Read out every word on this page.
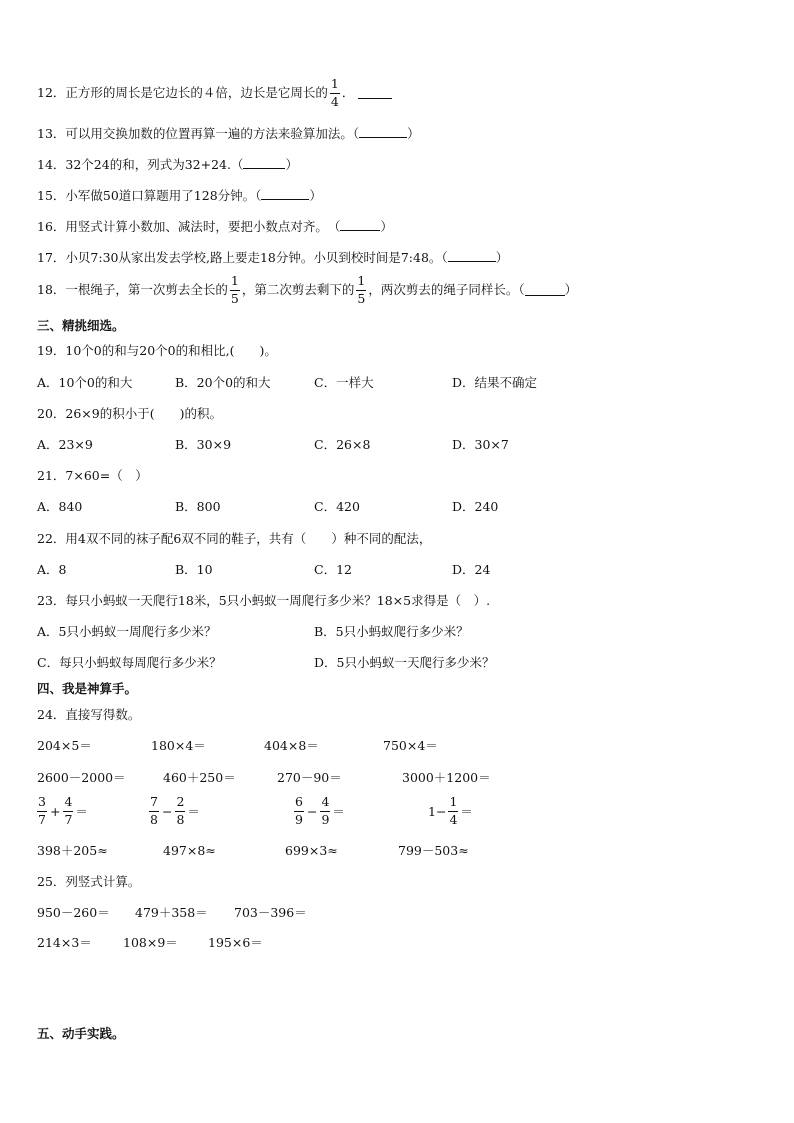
12．正方形的周长是它边长的４倍，边长是它周长的 $\frac{1}{4}$ ．
13．可以用交换加数的位置再算一遍的方法来验算加法。（	）
14．32个24的和，列式为32+24.（	）
15．小军做50道口算题用了128分钟。（	）
16．用竖式计算小数加、减法时，要把小数点对齐。　（	）
17．小贝7:30从家出发去学校,路上要走18分钟。小贝到校时间是7:48。（	）
18．一根绳子，第一次剪去全长的 $\frac{1}{5}$ ，第二次剪去剩下的 $\frac{1}{5}$ ，两次剪去的绳子同样长。（	）
三、精挑细选。
19．10个0的和与20个0的和相比,(　　)。
A．10个0的和大	B．20个0的和大	C．一样大	D．结果不确定
20．26×9的积小于(　　)的积。
A．23×9	B．30×9	C．26×8	D．30×7
21．7×60=（　）
A．840	B．800	C．420	D．240
22．用4双不同的袜子配6双不同的鞋子，共有（　　）种不同的配法，
A．8	B．10	C．12	D．24
23．每只小蚂蚁一天爬行18米，5只小蚂蚁一周爬行多少米？18×5求得是（　）.
A．5只小蚂蚁一周爬行多少米？	B．5只小蚂蚁爬行多少米？
C．每只小蚂蚁每周爬行多少米？	D．5只小蚂蚁一天爬行多少米？
四、我是神算手。
24．直接写得数。
204×5＝	180×4＝	404×8＝	750×4＝
2600－2000＝	460＋250＝	270－90＝	3000＋1200＝
$\frac{3}{7} + \frac{4}{7}$ ＝	$\frac{7}{8} - \frac{2}{8}$ ＝	$\frac{6}{9} - \frac{4}{9}$ ＝	$1- \frac{1}{4}$ ＝
398＋205≈	497×8≈	699×3≈	799－503≈
25．列竖式计算。
950－260＝ 479＋358＝ 703－396＝
214×3＝ 108×9＝ 195×6＝
五、动手实践。
